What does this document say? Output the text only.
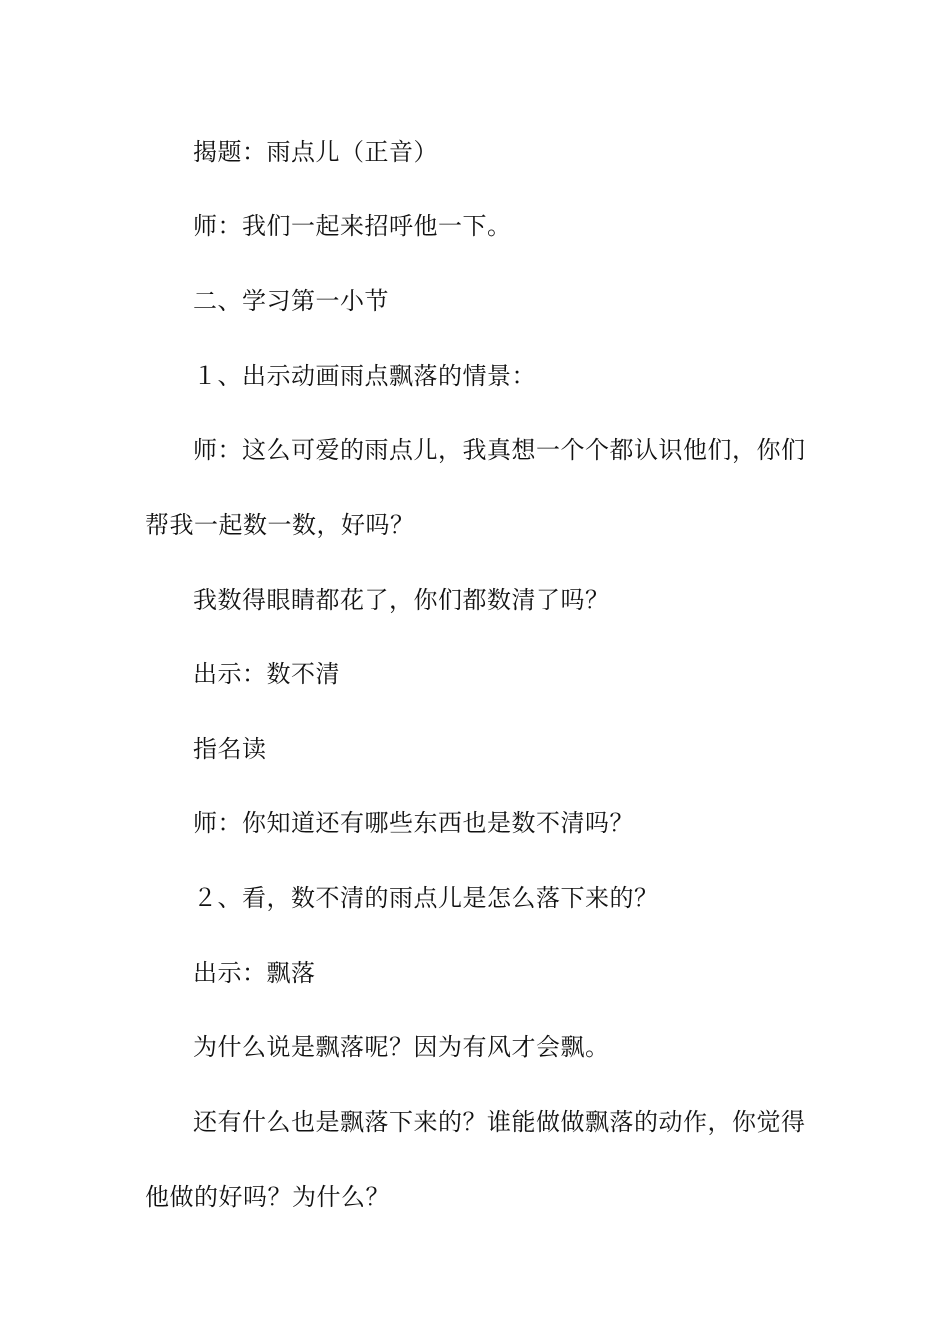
揭题：雨点儿（正音）
师：我们一起来招呼他一下。
二、学习第一小节
１、出示动画雨点飘落的情景：
师：这么可爱的雨点儿，我真想一个个都认识他们，你们
帮我一起数一数，好吗？
我数得眼睛都花了，你们都数清了吗？
出示：数不清
指名读
师：你知道还有哪些东西也是数不清吗？
２、看，数不清的雨点儿是怎么落下来的？
出示：飘落
为什么说是飘落呢？因为有风才会飘。
还有什么也是飘落下来的？谁能做做飘落的动作，你觉得
他做的好吗？为什么？
